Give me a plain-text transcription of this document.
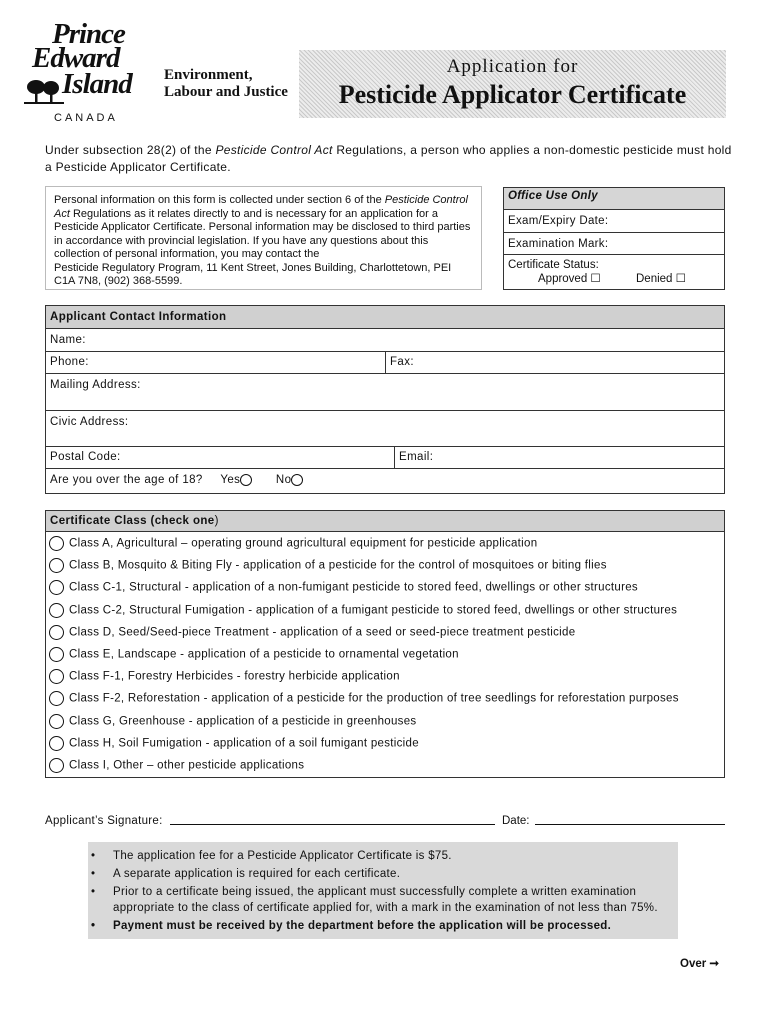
Prince
Edward
Island
CANADA
Environment,
Labour and Justice
Application for
Pesticide Applicator Certificate
Under subsection 28(2) of the Pesticide Control Act Regulations, a person who applies a non-domestic pesticide must hold a Pesticide Applicator Certificate.
Personal information on this form is collected under section 6 of the Pesticide Control Act Regulations as it relates directly to and is necessary for an application for a Pesticide Applicator Certificate. Personal information may be disclosed to third parties in accordance with provincial legislation. If you have any questions about this collection of personal information, you may contact the
Pesticide Regulatory Program, 11 Kent Street, Jones Building, Charlottetown, PEI C1A 7N8, (902) 368-5599.
Office Use Only
Exam/Expiry Date:
Examination Mark:
Certificate Status:
Approved ☐	Denied ☐
Applicant Contact Information
Name:
Phone:	Fax:
Mailing Address:
Civic Address:
Postal Code:	Email:
Are you over the age of 18? Yes	No
Certificate Class (check one)
Class A, Agricultural – operating ground agricultural equipment for pesticide application
Class B, Mosquito & Biting Fly - application of a pesticide for the control of mosquitoes or biting flies
Class C-1, Structural - application of a non-fumigant pesticide to stored feed, dwellings or other structures
Class C-2, Structural Fumigation - application of a fumigant pesticide to stored feed, dwellings or other structures
Class D, Seed/Seed-piece Treatment - application of a seed or seed-piece treatment pesticide
Class E, Landscape - application of a pesticide to ornamental vegetation
Class F-1, Forestry Herbicides - forestry herbicide application
Class F-2, Reforestation - application of a pesticide for the production of tree seedlings for reforestation purposes
Class G, Greenhouse - application of a pesticide in greenhouses
Class H, Soil Fumigation - application of a soil fumigant pesticide
Class I, Other – other pesticide applications
Applicant’s Signature:	Date:
• The application fee for a Pesticide Applicator Certificate is $75.
• A separate application is required for each certificate.
• Prior to a certificate being issued, the applicant must successfully complete a written examination appropriate to the class of certificate applied for, with a mark in the examination of not less than 75%.
• Payment must be received by the department before the application will be processed.
Over ➞
